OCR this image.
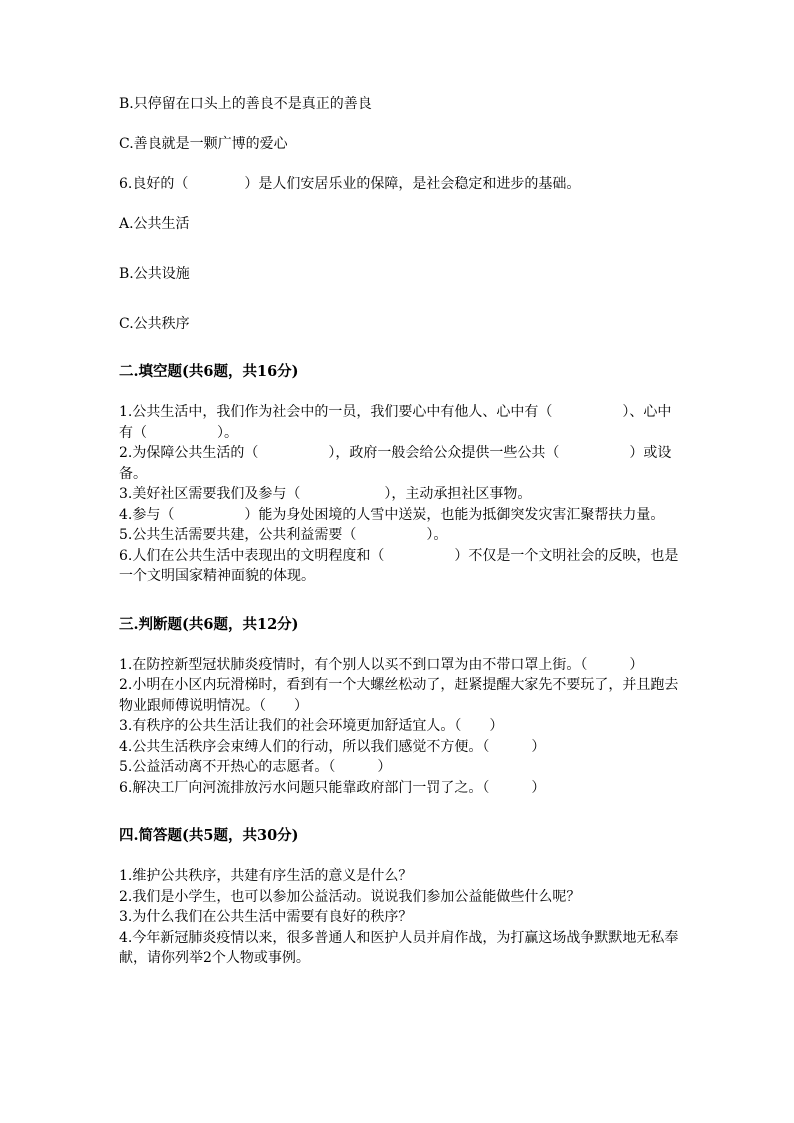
B.只停留在口头上的善良不是真正的善良

C.善良就是一颗广博的爱心

6.良好的（　　　　）是人们安居乐业的保障，是社会稳定和进步的基础。

A.公共生活

B.公共设施

C.公共秩序

二.填空题(共6题，共16分)

1.公共生活中，我们作为社会中的一员，我们要心中有他人、心中有（　　　　　）、心中有（　　　　　）。

2.为保障公共生活的（　　　　　），政府一般会给公众提供一些公共（　　　　　）或设备。

3.美好社区需要我们及参与（　　　　　　），主动承担社区事物。

4.参与（　　　　　）能为身处困境的人雪中送炭，也能为抵御突发灾害汇聚帮扶力量。

5.公共生活需要共建，公共利益需要（　　　　　）。

6.人们在公共生活中表现出的文明程度和（　　　　　）不仅是一个文明社会的反映，也是一个文明国家精神面貌的体现。

三.判断题(共6题，共12分)

1.在防控新型冠状肺炎疫情时，有个别人以买不到口罩为由不带口罩上街。（　　　）

2.小明在小区内玩滑梯时，看到有一个大螺丝松动了，赶紧提醒大家先不要玩了，并且跑去物业跟师傅说明情况。（　　）

3.有秩序的公共生活让我们的社会环境更加舒适宜人。（　　）

4.公共生活秩序会束缚人们的行动，所以我们感觉不方便。（　　　）

5.公益活动离不开热心的志愿者。（　　　）

6.解决工厂向河流排放污水问题只能靠政府部门一罚了之。（　　　）

四.简答题(共5题，共30分)

1.维护公共秩序，共建有序生活的意义是什么？

2.我们是小学生，也可以参加公益活动。说说我们参加公益能做些什么呢？

3.为什么我们在公共生活中需要有良好的秩序？

4.今年新冠肺炎疫情以来，很多普通人和医护人员并肩作战，为打赢这场战争默默地无私奉献，请你列举2个人物或事例。
